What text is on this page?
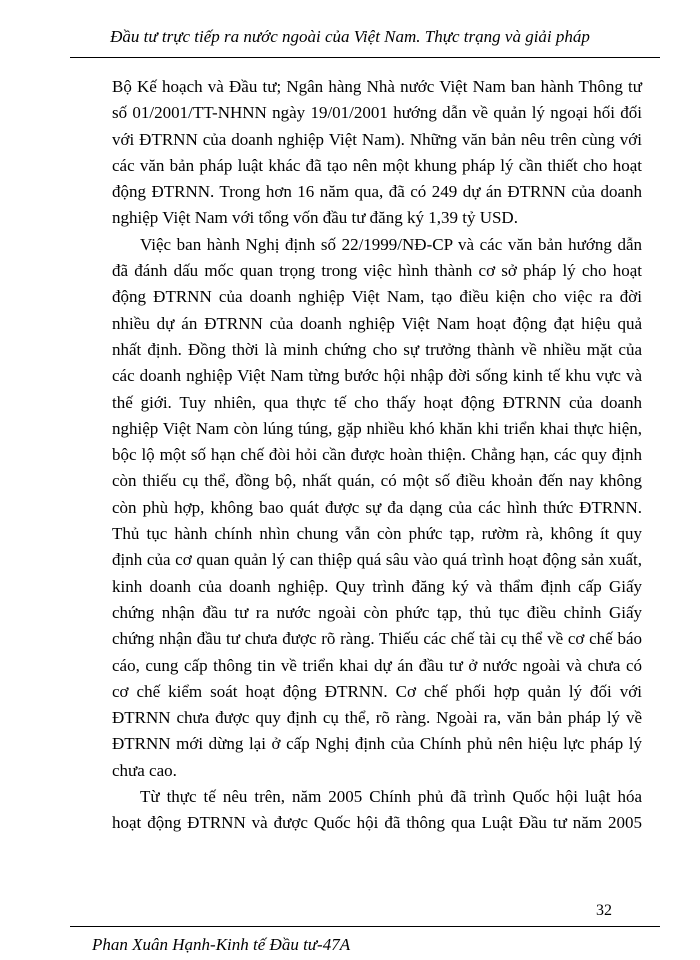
Đầu tư trực tiếp ra nước ngoài của Việt Nam. Thực trạng và giải pháp
Bộ Kế hoạch và Đầu tư; Ngân hàng Nhà nước Việt Nam ban hành Thông tư
số 01/2001/TT-NHNN ngày 19/01/2001 hướng dẫn về quản lý ngoại hối đối
với ĐTRNN của doanh nghiệp Việt Nam). Những văn bản nêu trên cùng với
các văn bản pháp luật khác đã tạo nên một khung pháp lý cần thiết cho hoạt
động ĐTRNN. Trong hơn 16 năm qua, đã có 249 dự án ĐTRNN của doanh
nghiệp Việt Nam với tổng vốn đầu tư đăng ký 1,39 tỷ USD.
Việc ban hành Nghị định số 22/1999/NĐ-CP và các văn bản hướng dẫn
đã đánh dấu mốc quan trọng trong việc hình thành cơ sở pháp lý cho hoạt
động ĐTRNN của doanh nghiệp Việt Nam, tạo điều kiện cho việc ra đời
nhiều dự án ĐTRNN của doanh nghiệp Việt Nam hoạt động đạt hiệu quả
nhất định. Đồng thời là minh chứng cho sự trưởng thành về nhiều mặt của
các doanh nghiệp Việt Nam từng bước hội nhập đời sống kinh tế khu vực và
thế giới. Tuy nhiên, qua thực tế cho thấy hoạt động ĐTRNN của doanh
nghiệp Việt Nam còn lúng túng, gặp nhiều khó khăn khi triển khai thực hiện,
bộc lộ một số hạn chế đòi hỏi cần được hoàn thiện. Chẳng hạn, các quy định
còn thiếu cụ thể, đồng bộ, nhất quán, có một số điều khoản đến nay không
còn phù hợp, không bao quát được sự đa dạng của các hình thức ĐTRNN.
Thủ tục hành chính nhìn chung vẫn còn phức tạp, rườm rà, không ít quy
định của cơ quan quản lý can thiệp quá sâu vào quá trình hoạt động sản xuất,
kinh doanh của doanh nghiệp. Quy trình đăng ký và thẩm định cấp Giấy
chứng nhận đầu tư ra nước ngoài còn phức tạp, thủ tục điều chỉnh Giấy
chứng nhận đầu tư chưa được rõ ràng. Thiếu các chế tài cụ thể về cơ chế báo
cáo, cung cấp thông tin về triển khai dự án đầu tư ở nước ngoài và chưa có
cơ chế kiểm soát hoạt động ĐTRNN. Cơ chế phối hợp quản lý đối với
ĐTRNN chưa được quy định cụ thể, rõ ràng. Ngoài ra, văn bản pháp lý về
ĐTRNN mới dừng lại ở cấp Nghị định của Chính phủ nên hiệu lực pháp lý
chưa cao.
Từ thực tế nêu trên, năm 2005 Chính phủ đã trình Quốc hội luật hóa
hoạt động ĐTRNN và được Quốc hội đã thông qua Luật Đầu tư năm 2005
32
Phan Xuân Hạnh-Kinh tế Đầu tư-47A
